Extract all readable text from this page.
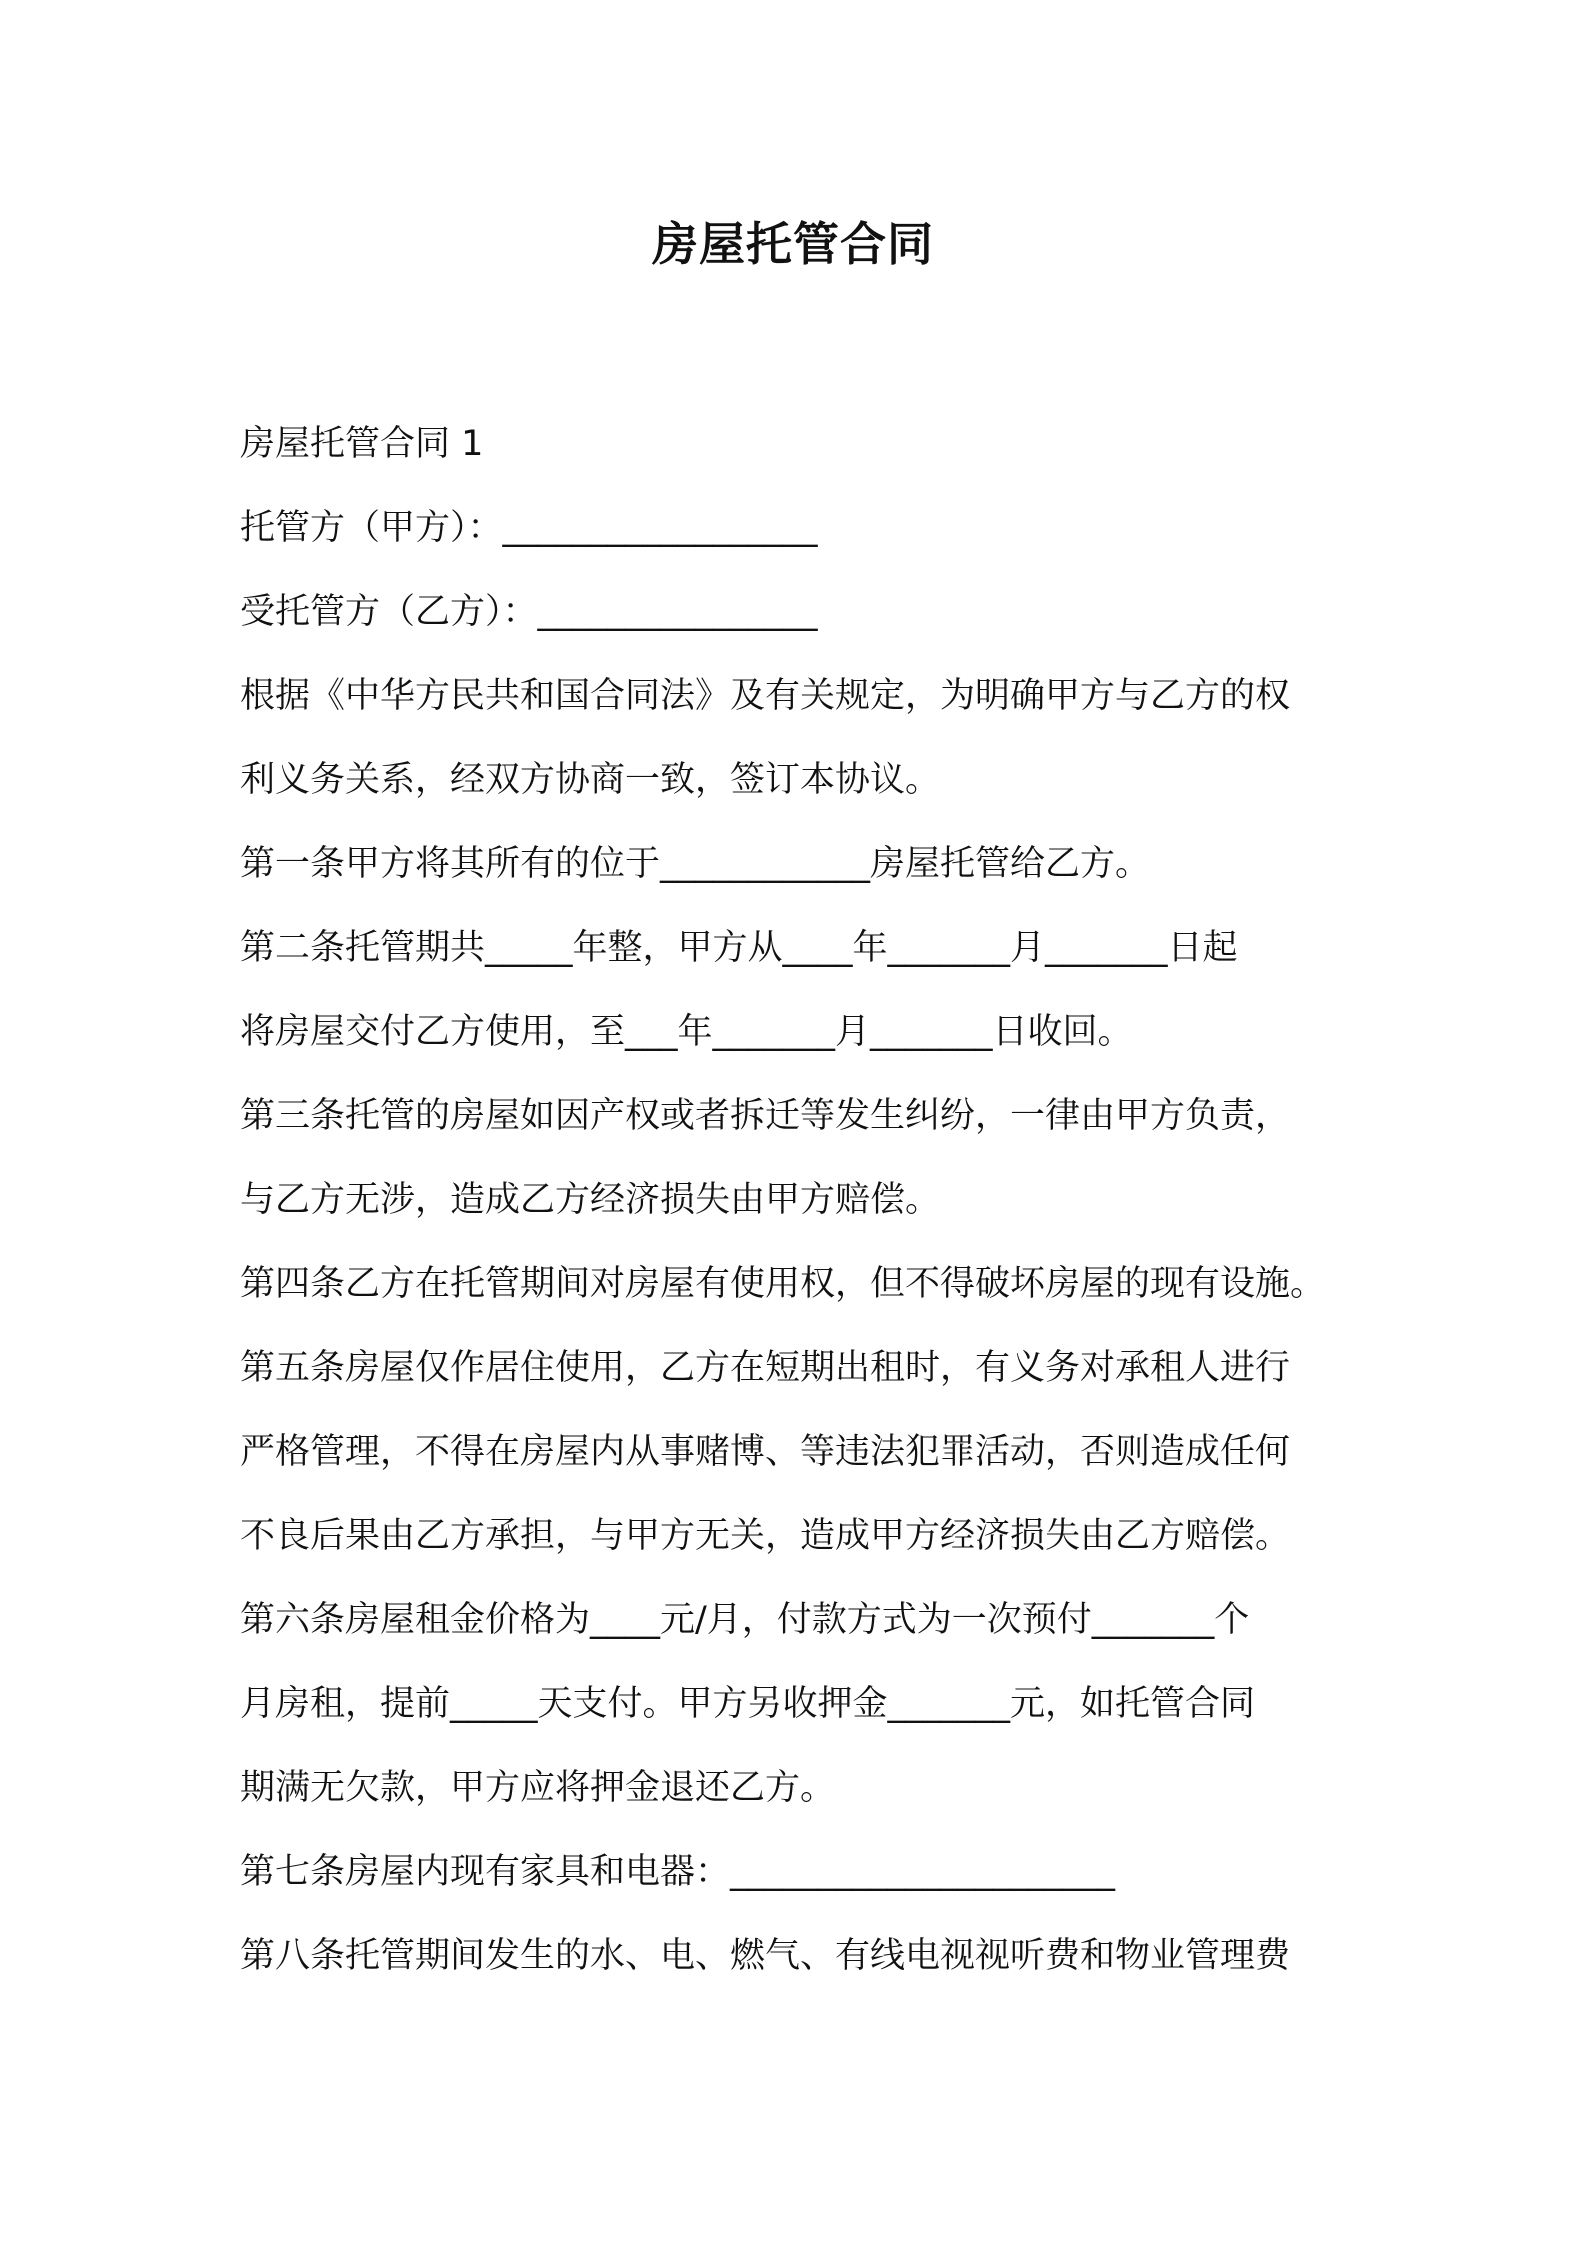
房屋托管合同

房屋托管合同 1

托管方（甲方）：__________________

受托管方（乙方）：________________

根据《中华方民共和国合同法》及有关规定，为明确甲方与乙方的权

利义务关系，经双方协商一致，签订本协议。

第一条甲方将其所有的位于____________房屋托管给乙方。

第二条托管期共_____年整，甲方从____年_______月_______日起

将房屋交付乙方使用，至___年_______月_______日收回。

第三条托管的房屋如因产权或者拆迁等发生纠纷，一律由甲方负责，

与乙方无涉，造成乙方经济损失由甲方赔偿。

第四条乙方在托管期间对房屋有使用权，但不得破坏房屋的现有设施。

第五条房屋仅作居住使用，乙方在短期出租时，有义务对承租人进行

严格管理，不得在房屋内从事赌博、等违法犯罪活动，否则造成任何

不良后果由乙方承担，与甲方无关，造成甲方经济损失由乙方赔偿。

第六条房屋租金价格为____元/月，付款方式为一次预付_______个

月房租，提前_____天支付。甲方另收押金_______元，如托管合同

期满无欠款，甲方应将押金退还乙方。

第七条房屋内现有家具和电器：______________________

第八条托管期间发生的水、电、燃气、有线电视视听费和物业管理费
